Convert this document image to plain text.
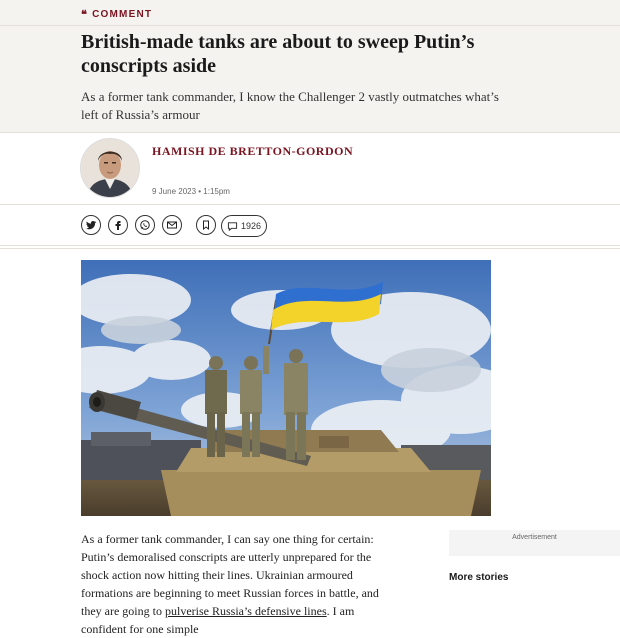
❝ COMMENT
British-made tanks are about to sweep Putin’s conscripts aside

As a former tank commander, I know the Challenger 2 vastly outmatches what’s left of Russia’s armour

HAMISH DE BRETTON-GORDON
9 June 2023 • 1:15pm
1926

As a former tank commander, I can say one thing for certain: Putin’s demoralised conscripts are utterly unprepared for the shock action now hitting their lines. Ukrainian armoured formations are beginning to meet Russian forces in battle, and they are going to pulverise Russia’s defensive lines. I am confident for one simple

Advertisement
More stories
